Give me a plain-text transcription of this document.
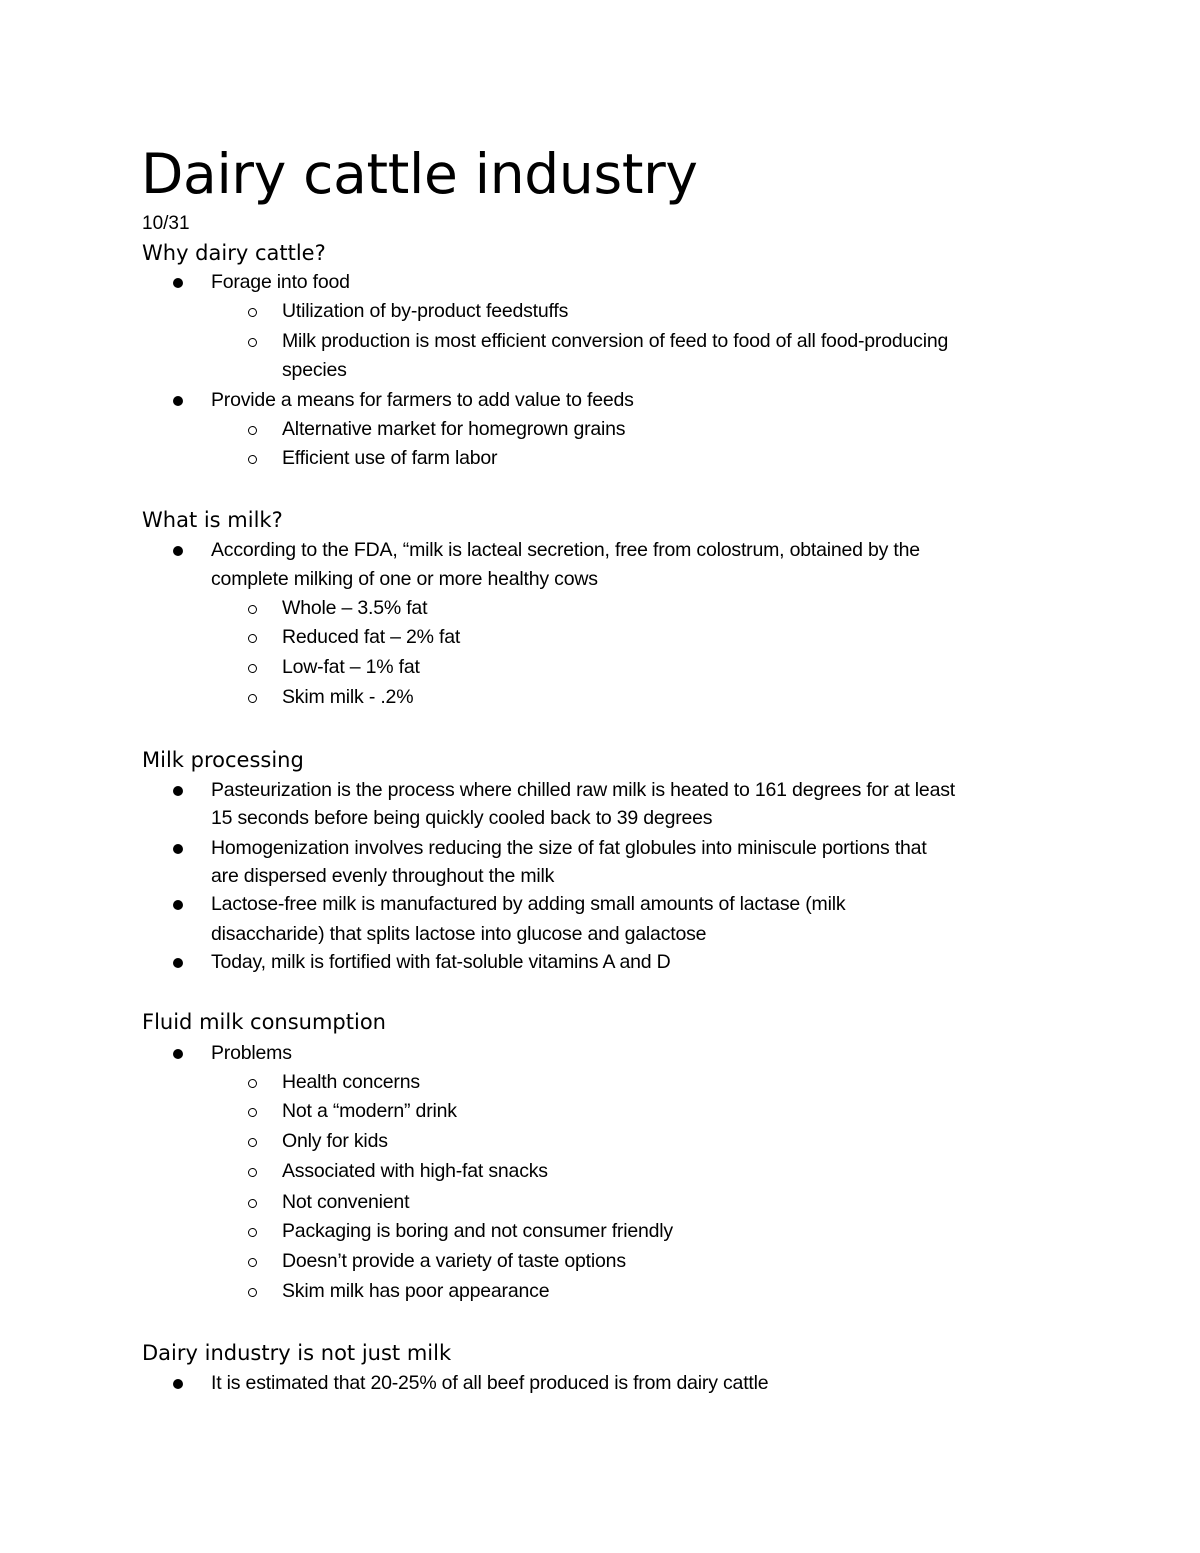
Dairy cattle industry
10/31
Why dairy cattle?
Forage into food
Utilization of by-product feedstuffs
Milk production is most efficient conversion of feed to food of all food-producing
species
Provide a means for farmers to add value to feeds
Alternative market for homegrown grains
Efficient use of farm labor
What is milk?
According to the FDA, “milk is lacteal secretion, free from colostrum, obtained by the
complete milking of one or more healthy cows
Whole – 3.5% fat
Reduced fat – 2% fat
Low-fat – 1% fat
Skim milk - .2%
Milk processing
Pasteurization is the process where chilled raw milk is heated to 161 degrees for at least
15 seconds before being quickly cooled back to 39 degrees
Homogenization involves reducing the size of fat globules into miniscule portions that
are dispersed evenly throughout the milk
Lactose-free milk is manufactured by adding small amounts of lactase (milk
disaccharide) that splits lactose into glucose and galactose
Today, milk is fortified with fat-soluble vitamins A and D
Fluid milk consumption
Problems
Health concerns
Not a “modern” drink
Only for kids
Associated with high-fat snacks
Not convenient
Packaging is boring and not consumer friendly
Doesn’t provide a variety of taste options
Skim milk has poor appearance
Dairy industry is not just milk
It is estimated that 20-25% of all beef produced is from dairy cattle
